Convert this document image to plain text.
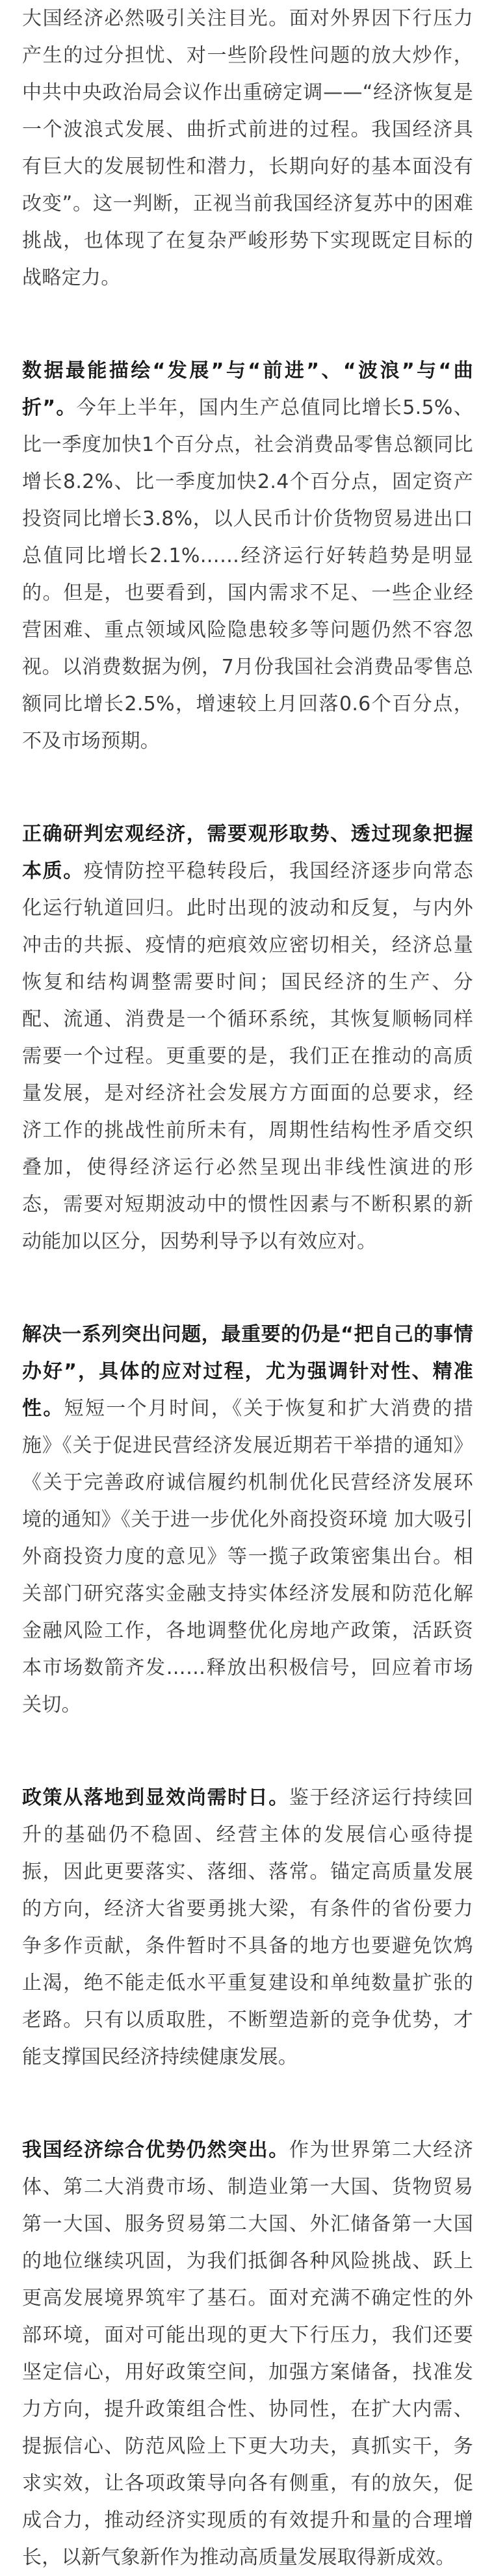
大国经济必然吸引关注目光。面对外界因下行压力产生的过分担忧、对一些阶段性问题的放大炒作，中共中央政治局会议作出重磅定调——“经济恢复是一个波浪式发展、曲折式前进的过程。我国经济具有巨大的发展韧性和潜力，长期向好的基本面没有改变”。这一判断，正视当前我国经济复苏中的困难挑战，也体现了在复杂严峻形势下实现既定目标的战略定力。

数据最能描绘“发展”与“前进”、“波浪”与“曲折”。今年上半年，国内生产总值同比增长5.5%、比一季度加快1个百分点，社会消费品零售总额同比增长8.2%、比一季度加快2.4个百分点，固定资产投资同比增长3.8%，以人民币计价货物贸易进出口总值同比增长2.1%……经济运行好转趋势是明显的。但是，也要看到，国内需求不足、一些企业经营困难、重点领域风险隐患较多等问题仍然不容忽视。以消费数据为例，7月份我国社会消费品零售总额同比增长2.5%，增速较上月回落0.6个百分点，不及市场预期。

正确研判宏观经济，需要观形取势、透过现象把握本质。疫情防控平稳转段后，我国经济逐步向常态化运行轨道回归。此时出现的波动和反复，与内外冲击的共振、疫情的疤痕效应密切相关，经济总量恢复和结构调整需要时间；国民经济的生产、分配、流通、消费是一个循环系统，其恢复顺畅同样需要一个过程。更重要的是，我们正在推动的高质量发展，是对经济社会发展方方面面的总要求，经济工作的挑战性前所未有，周期性结构性矛盾交织叠加，使得经济运行必然呈现出非线性演进的形态，需要对短期波动中的惯性因素与不断积累的新动能加以区分，因势利导予以有效应对。

解决一系列突出问题，最重要的仍是“把自己的事情办好”，具体的应对过程，尤为强调针对性、精准性。短短一个月时间，《关于恢复和扩大消费的措施》《关于促进民营经济发展近期若干举措的通知》《关于完善政府诚信履约机制优化民营经济发展环境的通知》《关于进一步优化外商投资环境 加大吸引外商投资力度的意见》等一揽子政策密集出台。相关部门研究落实金融支持实体经济发展和防范化解金融风险工作，各地调整优化房地产政策，活跃资本市场数箭齐发……释放出积极信号，回应着市场关切。

政策从落地到显效尚需时日。鉴于经济运行持续回升的基础仍不稳固、经营主体的发展信心亟待提振，因此更要落实、落细、落常。锚定高质量发展的方向，经济大省要勇挑大梁，有条件的省份要力争多作贡献，条件暂时不具备的地方也要避免饮鸩止渴，绝不能走低水平重复建设和单纯数量扩张的老路。只有以质取胜，不断塑造新的竞争优势，才能支撑国民经济持续健康发展。

我国经济综合优势仍然突出。作为世界第二大经济体、第二大消费市场、制造业第一大国、货物贸易第一大国、服务贸易第二大国、外汇储备第一大国的地位继续巩固，为我们抵御各种风险挑战、跃上更高发展境界筑牢了基石。面对充满不确定性的外部环境，面对可能出现的更大下行压力，我们还要坚定信心，用好政策空间，加强方案储备，找准发力方向，提升政策组合性、协同性，在扩大内需、提振信心、防范风险上下更大功夫，真抓实干，务求实效，让各项政策导向各有侧重，有的放矢，促成合力，推动经济实现质的有效提升和量的合理增长，以新气象新作为推动高质量发展取得新成效。
